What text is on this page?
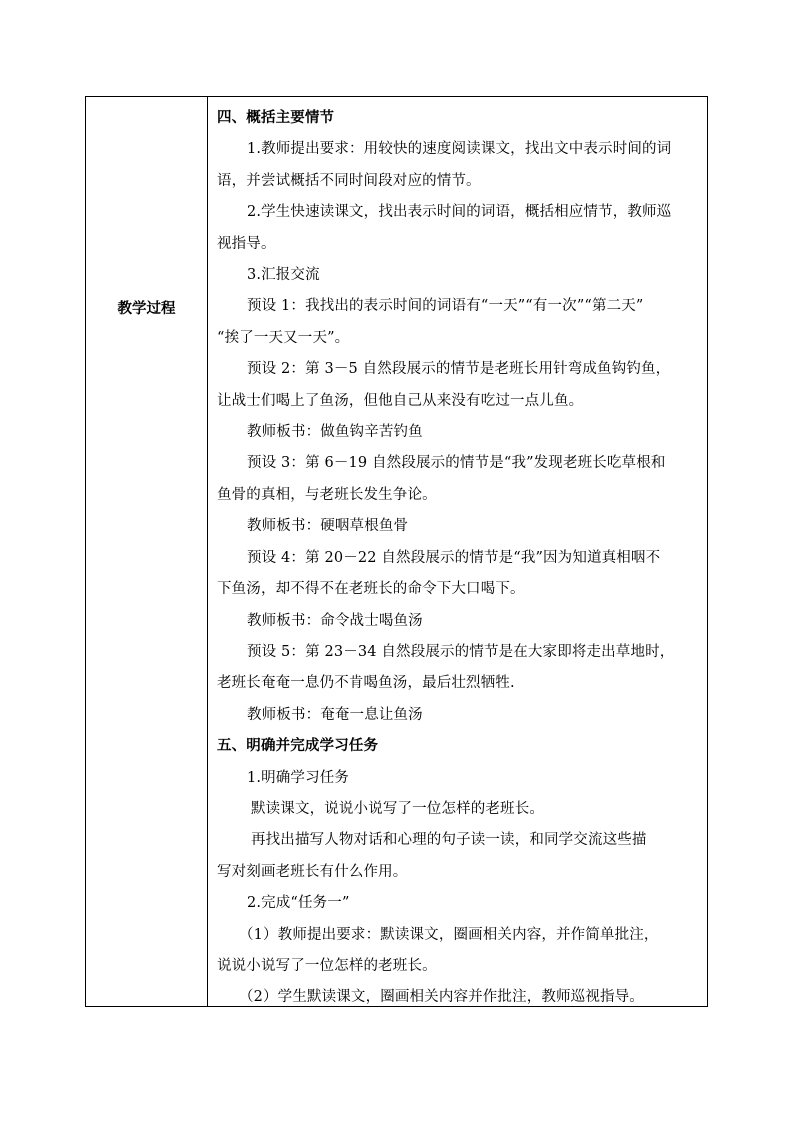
教学过程
四、概括主要情节
1.教师提出要求：用较快的速度阅读课文，找出文中表示时间的词
语，并尝试概括不同时间段对应的情节。
2.学生快速读课文，找出表示时间的词语，概括相应情节，教师巡
视指导。
3.汇报交流
预设 1：我找出的表示时间的词语有“一天”“有一次”“第二天”
“挨了一天又一天”。
预设 2：第 3－5 自然段展示的情节是老班长用针弯成鱼钩钓鱼，
让战士们喝上了鱼汤，但他自己从来没有吃过一点儿鱼。
教师板书：做鱼钩辛苦钓鱼
预设 3：第 6－19 自然段展示的情节是“我”发现老班长吃草根和
鱼骨的真相，与老班长发生争论。
教师板书：硬咽草根鱼骨
预设 4：第 20－22 自然段展示的情节是“我”因为知道真相咽不
下鱼汤，却不得不在老班长的命令下大口喝下。
教师板书：命令战士喝鱼汤
预设 5：第 23－34 自然段展示的情节是在大家即将走出草地时，
老班长奄奄一息仍不肯喝鱼汤，最后壮烈牺牲.
教师板书：奄奄一息让鱼汤
五、明确并完成学习任务
1.明确学习任务
默读课文，说说小说写了一位怎样的老班长。
再找出描写人物对话和心理的句子读一读，和同学交流这些描
写对刻画老班长有什么作用。
2.完成“任务一”
（1）教师提出要求：默读课文，圈画相关内容，并作简单批注，
说说小说写了一位怎样的老班长。
（2）学生默读课文，圈画相关内容并作批注，教师巡视指导。
